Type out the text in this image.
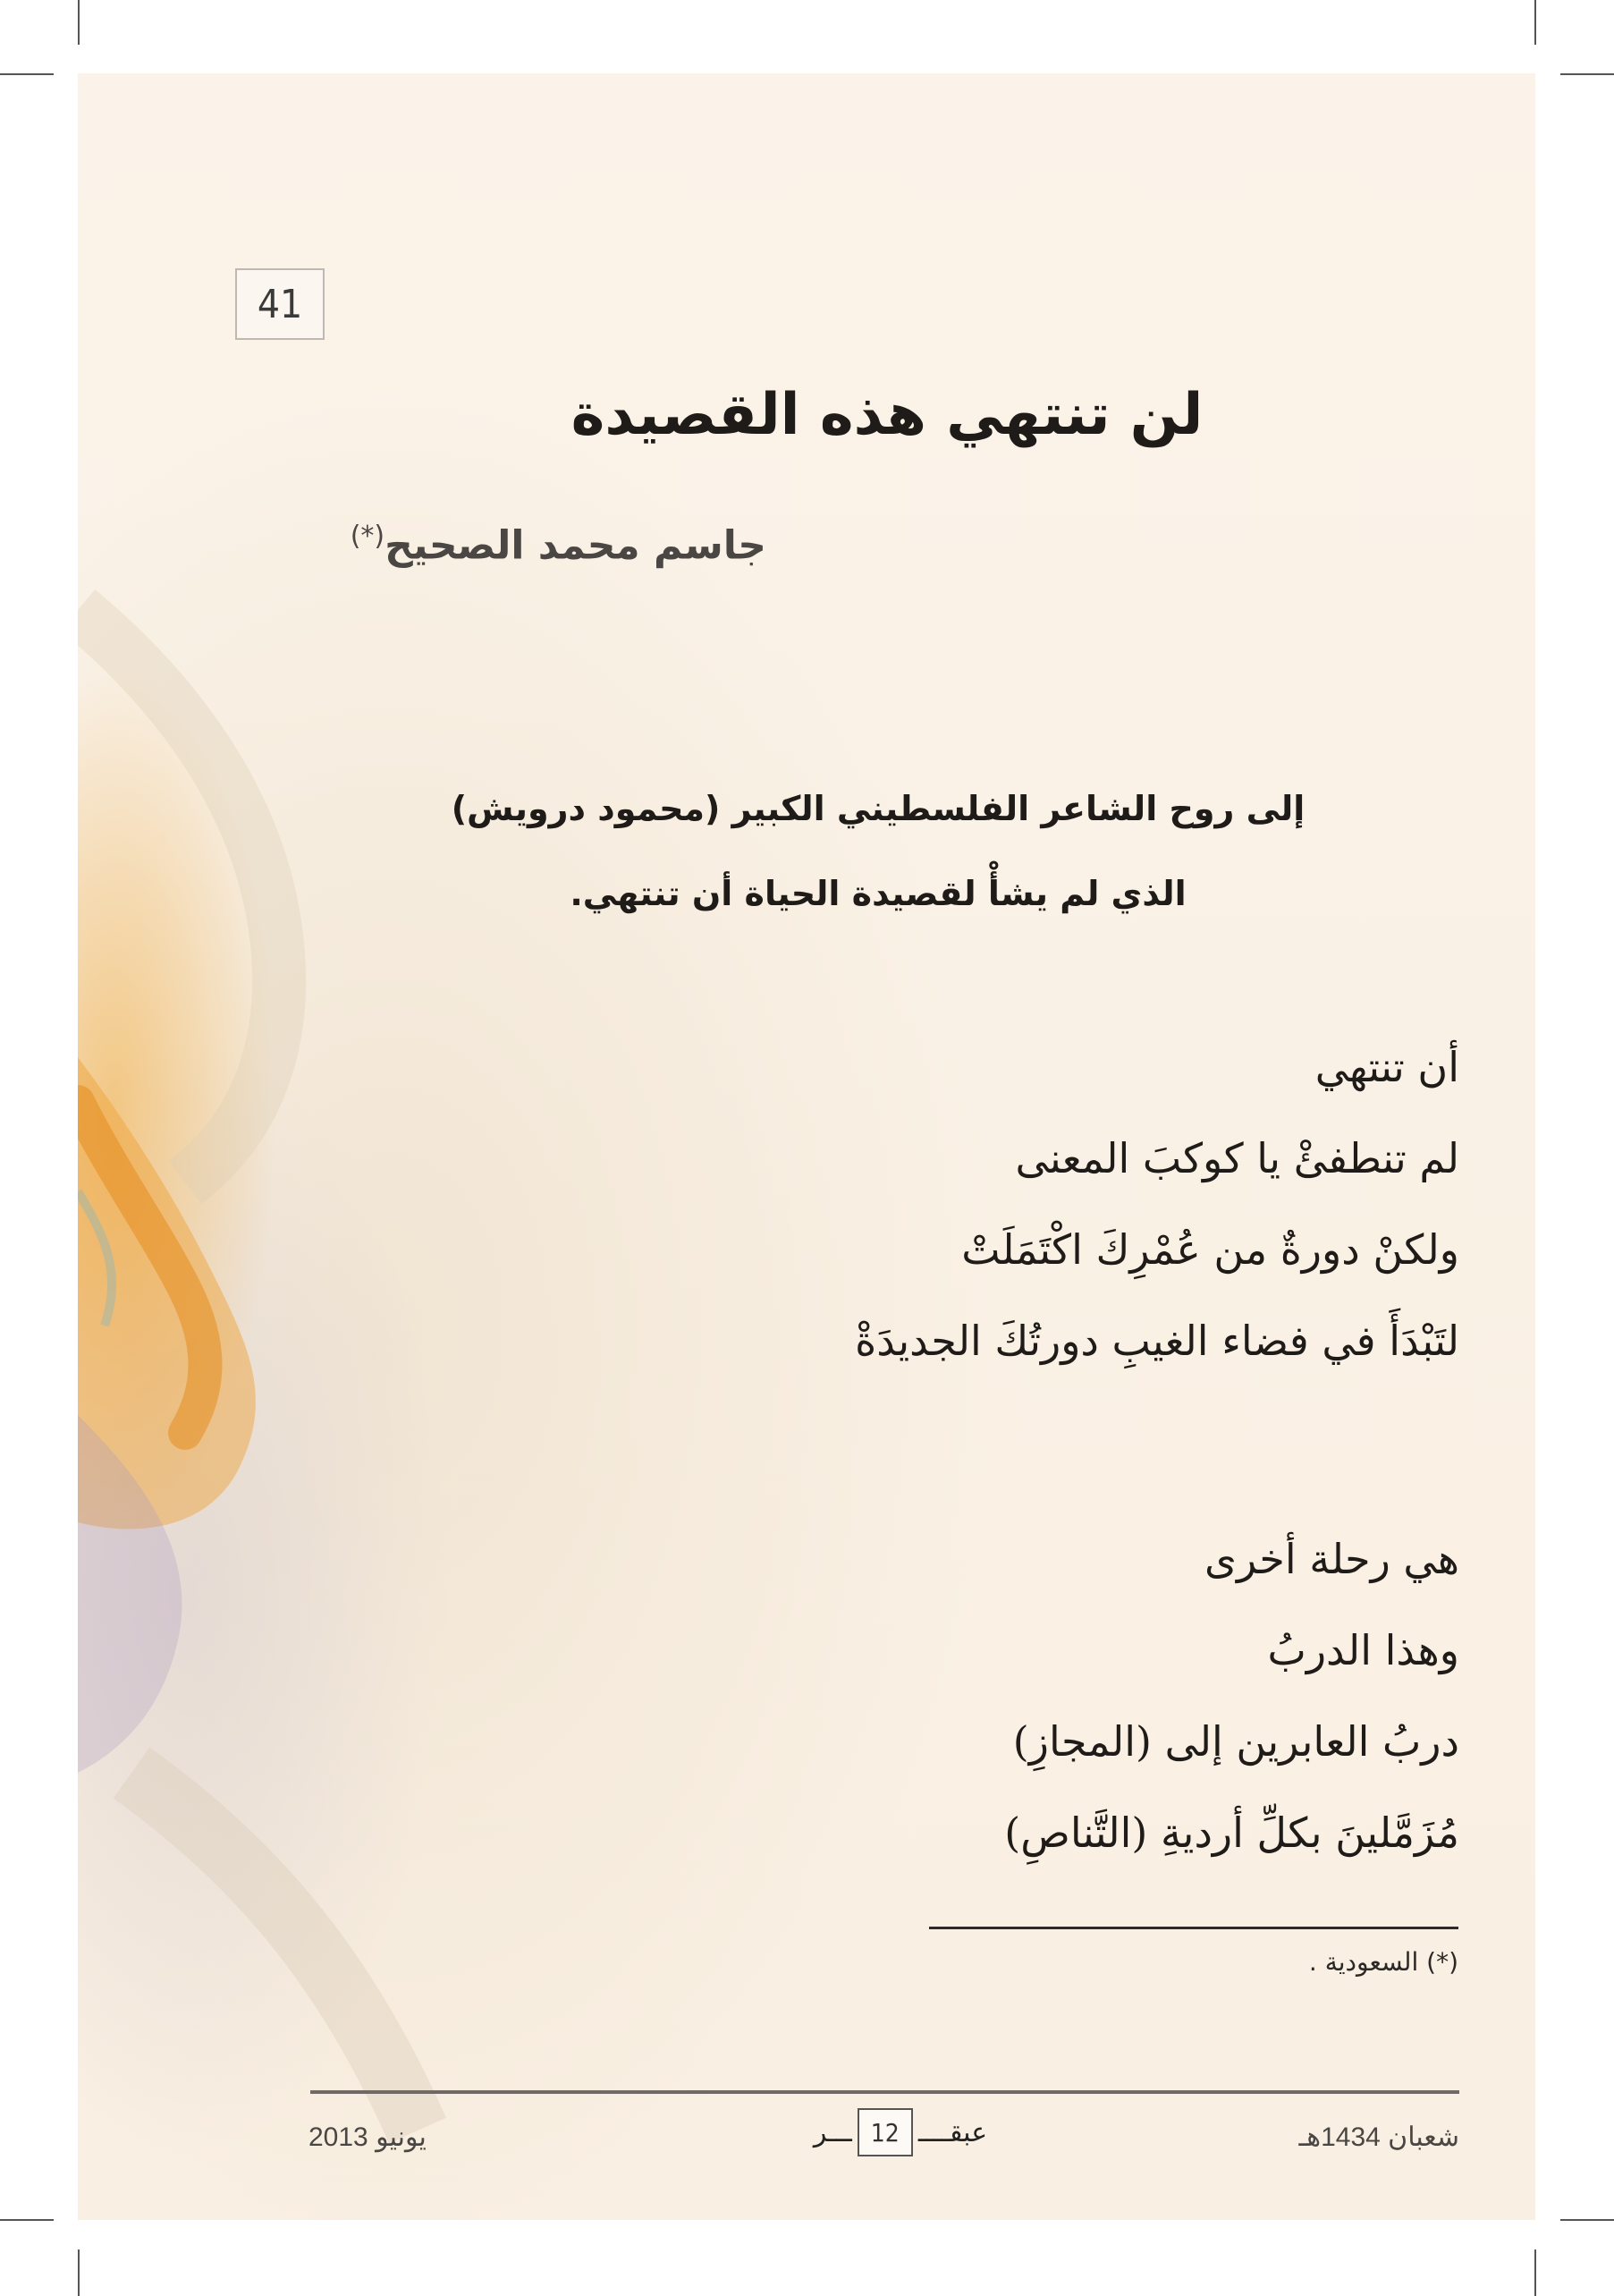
41
لن تنتهي هذه القصيدة
جاسم محمد الصحيح(*)
إلى روح الشاعر الفلسطيني الكبير (محمود درويش)
الذي لم يشأْ لقصيدة الحياة أن تنتهي.
أن تنتهي
لم تنطفئْ يا كوكبَ المعنى
ولكنْ دورةٌ من عُمْرِكَ اكْتَمَلَتْ
لتَبْدَأَ في فضاء الغيبِ دورتُكَ الجديدَةْ
هي رحلة أخرى
وهذا الدربُ
دربُ العابرين إلى (المجازِ)
مُزَمَّلينَ بكلِّ أرديةِ (التَّناصِ)
(*) السعودية .
يونيو 2013	ـــر 12 عبقــــ	شعبان 1434هـ
